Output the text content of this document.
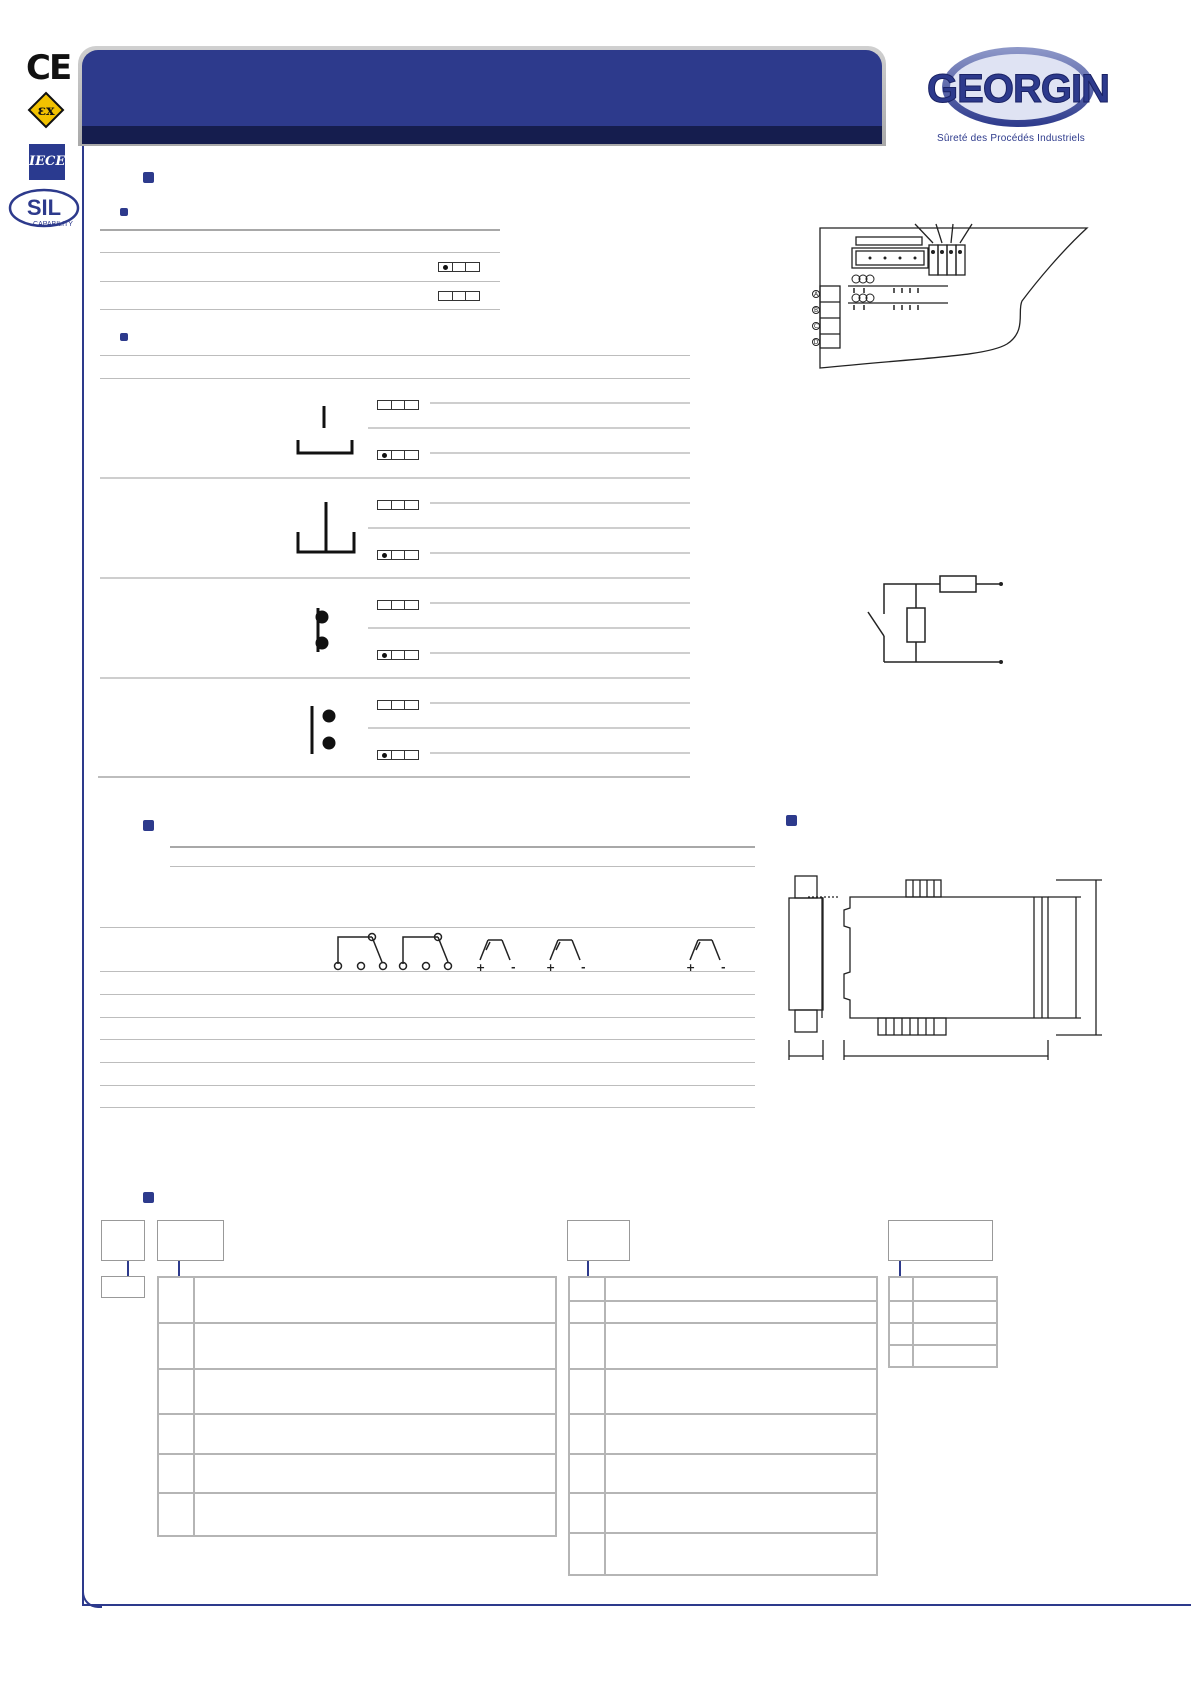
CE
εx
IECEx
SIL
CAPABILITY
GEORGIN
Sûreté des Procédés Industriels
A
B
C
D
+ -	+ -	+ -
